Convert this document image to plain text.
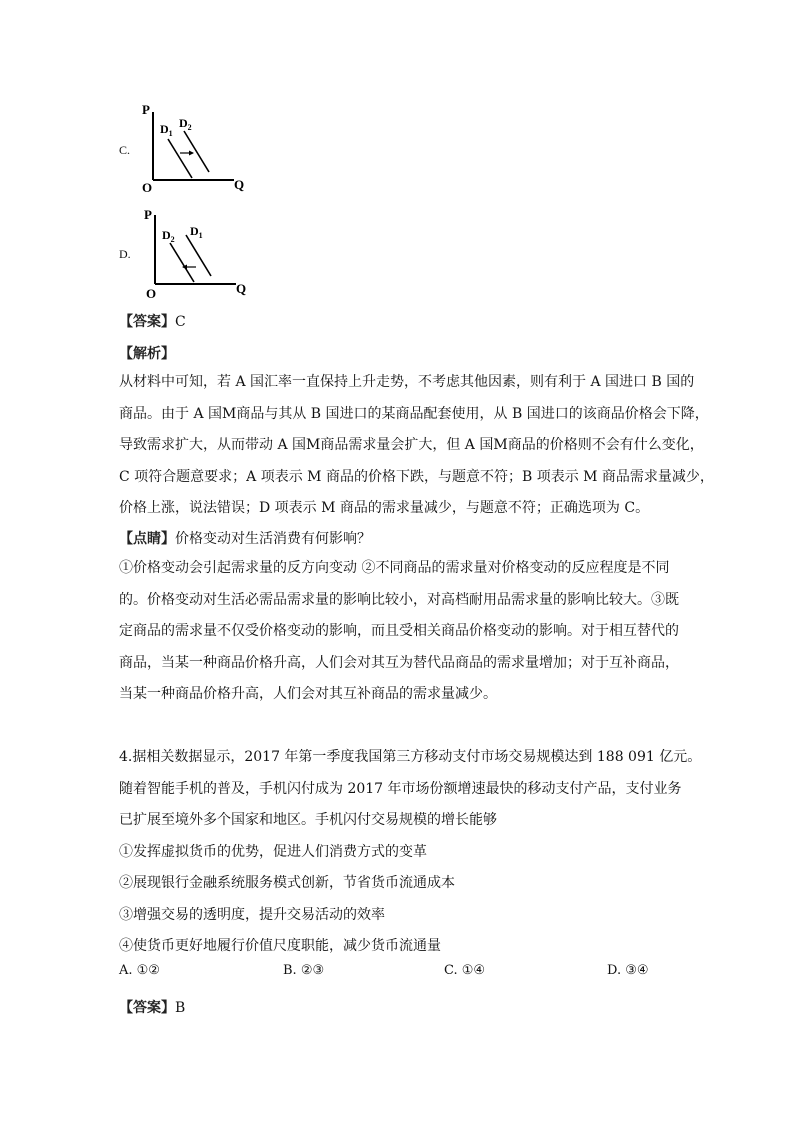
C.
P
Q
O
$D_1$
$D_2$
D.
P
Q
O
$D_2$
$D_1$
【答案】C
【解析】
从材料中可知，若 A 国汇率一直保持上升走势，不考虑其他因素，则有利于 A 国进口 B 国的
商品。由于 A 国M商品与其从 B 国进口的某商品配套使用，从 B 国进口的该商品价格会下降，
导致需求扩大，从而带动 A 国M商品需求量会扩大，但 A 国M商品的价格则不会有什么变化，
C 项符合题意要求；A 项表示 M 商品的价格下跌，与题意不符；B 项表示 M 商品需求量减少，
价格上涨，说法错误；D 项表示 M 商品的需求量减少，与题意不符；正确选项为 C。
【点睛】价格变动对生活消费有何影响？
①价格变动会引起需求量的反方向变动 ②不同商品的需求量对价格变动的反应程度是不同
的。价格变动对生活必需品需求量的影响比较小，对高档耐用品需求量的影响比较大。③既
定商品的需求量不仅受价格变动的影响，而且受相关商品价格变动的影响。对于相互替代的
商品，当某一种商品价格升高，人们会对其互为替代品商品的需求量增加；对于互补商品，
当某一种商品价格升高，人们会对其互补商品的需求量减少。
4.据相关数据显示，2017 年第一季度我国第三方移动支付市场交易规模达到 188 091 亿元。
随着智能手机的普及，手机闪付成为 2017 年市场份额增速最快的移动支付产品，支付业务
已扩展至境外多个国家和地区。手机闪付交易规模的增长能够
①发挥虚拟货币的优势，促进人们消费方式的变革
②展现银行金融系统服务模式创新，节省货币流通成本
③增强交易的透明度，提升交易活动的效率
④使货币更好地履行价值尺度职能，减少货币流通量
A. ①②	B. ②③	C. ①④	D. ③④
【答案】B
